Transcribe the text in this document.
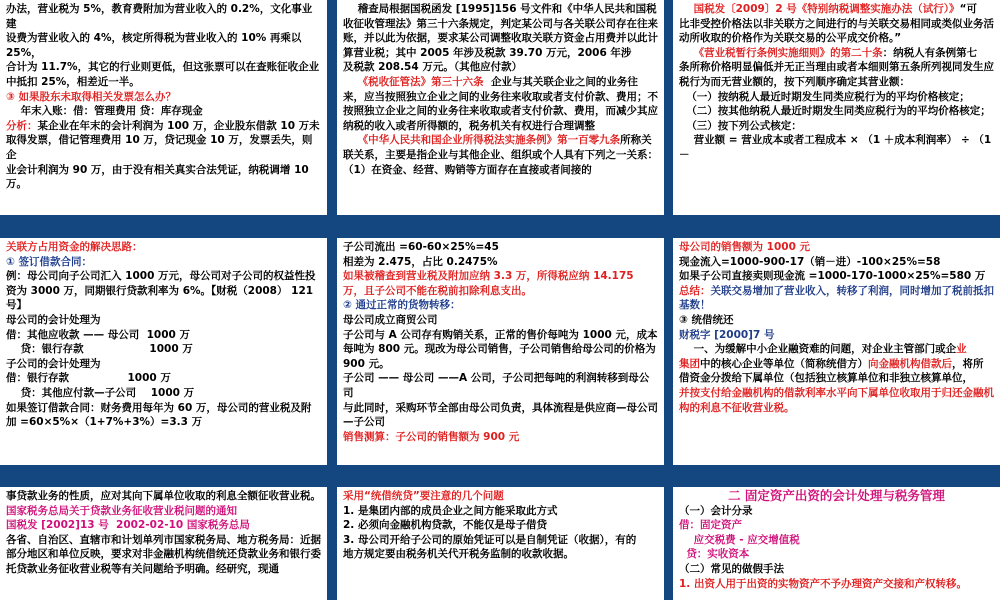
办法，营业税为 5%，教育费附加为营业收入的 0.2%，文化事业建
设费为营业收入的 4%，核定所得税为营业收入的 10% 再乘以 25%，
合计为 11.7%，其它的行业则更低，但这张票可以在查账征收企业中抵扣 25%，相差近一半。
③ 如果股东未取得相关发票怎么办？
年末入账：借：管理费用 贷：库存现金
分析：某企业在年末的会计利润为 100 万，企业股东借款 10 万未
取得发票，借记管理费用 10 万，贷记现金 10 万，发票丢失，则企
业会计利润为 90 万，由于没有相关真实合法凭证，纳税调增 10 万。
稽查局根据国税函发 [1995]156 号文件和《中华人民共和国税收征收管理法》第三十六条规定，判定某公司与各关联公司存在往来账，并以此为依据，要求某公司调整收取关联方资金占用费并以此计算营业税；其中 2005 年涉及税款 39.70 万元，2006 年涉
及税款 208.54 万元。（其他应付款）
《税收征管法》第三十六条  企业与其关联企业之间的业务往
来，应当按照独立企业之间的业务往来收取或者支付价款、费用；不按照独立企业之间的业务往来收取或者支付价款、费用，而减少其应纳税的收入或者所得额的，税务机关有权进行合理调整
《中华人民共和国企业所得税法实施条例》第一百零九条所称关联关系，主要是指企业与其他企业、组织或个人具有下列之一关系：（1）在资金、经营、购销等方面存在直接或者间接的
国税发〔2009〕2 号《特别纳税调整实施办法（试行）》“可
比非受控价格法以非关联方之间进行的与关联交易相同或类似业务活动所收取的价格作为关联交易的公平成交价格。”
《营业税暂行条例实施细则》的第二十条：纳税人有条例第七
条所称价格明显偏低并无正当理由或者本细则第五条所列视同发生应税行为而无营业额的，按下列顺序确定其营业额：
（一）按纳税人最近时期发生同类应税行为的平均价格核定；
（二）按其他纳税人最近时期发生同类应税行为的平均价格核定；
（三）按下列公式核定：
营业额 = 营业成本或者工程成本 × （1 ＋成本利润率） ÷ （1－
关联方占用资金的解决思路：
① 签订借款合同：
例：母公司向子公司汇入 1000 万元，母公司对子公司的权益性投
资为 3000 万，同期银行贷款利率为 6%。【财税（2008） 121 号】
母公司的会计处理为
借：其他应收款 —— 母公司  1000 万
贷：银行存款                  1000 万
子公司的会计处理为
借：银行存款                1000 万
贷：其他应付款—子公司    1000 万
如果签订借款合同：财务费用每年为 60 万，母公司的营业税及附
加 =60×5%×（1+7%+3%）=3.3 万
子公司流出 =60-60×25%=45
相差为 2.475，占比 0.2475%
如果被稽查到营业税及附加应纳 3.3 万，所得税应纳 14.175 万，且子公司不能在税前扣除利息支出。
② 通过正常的货物转移：
母公司成立商贸公司
子公司与 A 公司存有购销关系，正常的售价每吨为 1000 元，成本
每吨为 800 元。现改为母公司销售，子公司销售给母公司的价格为 900 元。
子公司 —— 母公司 ——A 公司，子公司把每吨的利润转移到母公司
与此同时，采购环节全部由母公司负责，具体流程是供应商—母公司—子公司
销售测算：子公司的销售额为 900 元
母公司的销售额为 1000 元
现金流入=1000-900-17（销－进）-100×25%=58
如果子公司直接卖则现金流 =1000-170-1000×25%=580 万
总结：关联交易增加了营业收入，转移了利润，同时增加了税前抵扣基数！
③ 统借统还
财税字 [2000]7 号
一、为缓解中小企业融资难的问题，对企业主管部门或企业
集团中的核心企业等单位（简称统借方）向金融机构借款后，将所
借资金分拨给下属单位（包括独立核算单位和非独立核算单位，
并按支付给金融机构的借款利率水平向下属单位收取用于归还金融机构的利息不征收营业税。
事贷款业务的性质，应对其向下属单位收取的利息全额征收营业税。
国家税务总局关于贷款业务征收营业税问题的通知
国税发 [2002]13 号  2002-02-10 国家税务总局
各省、自治区、直辖市和计划单列市国家税务局、地方税务局：近据部分地区和单位反映，要求对非金融机构统借统还贷款业务和银行委托贷款业务征收营业税等有关问题给予明确。经研究，现通
采用“统借统贷”要注意的几个问题
1. 是集团内部的成员企业之间方能采取此方式
2. 必须向金融机构贷款，不能仅是母子借贷
3. 母公司开给子公司的原始凭证可以是自制凭证（收据），有的
地方规定要由税务机关代开税务监制的收款收据。
二 固定资产出资的会计处理与税务管理
（一）会计分录
借：固定资产
应交税费 - 应交增值税
贷：实收资本
（二）常见的做假手法
1. 出资人用于出资的实物资产不予办理资产交接和产权转移。
